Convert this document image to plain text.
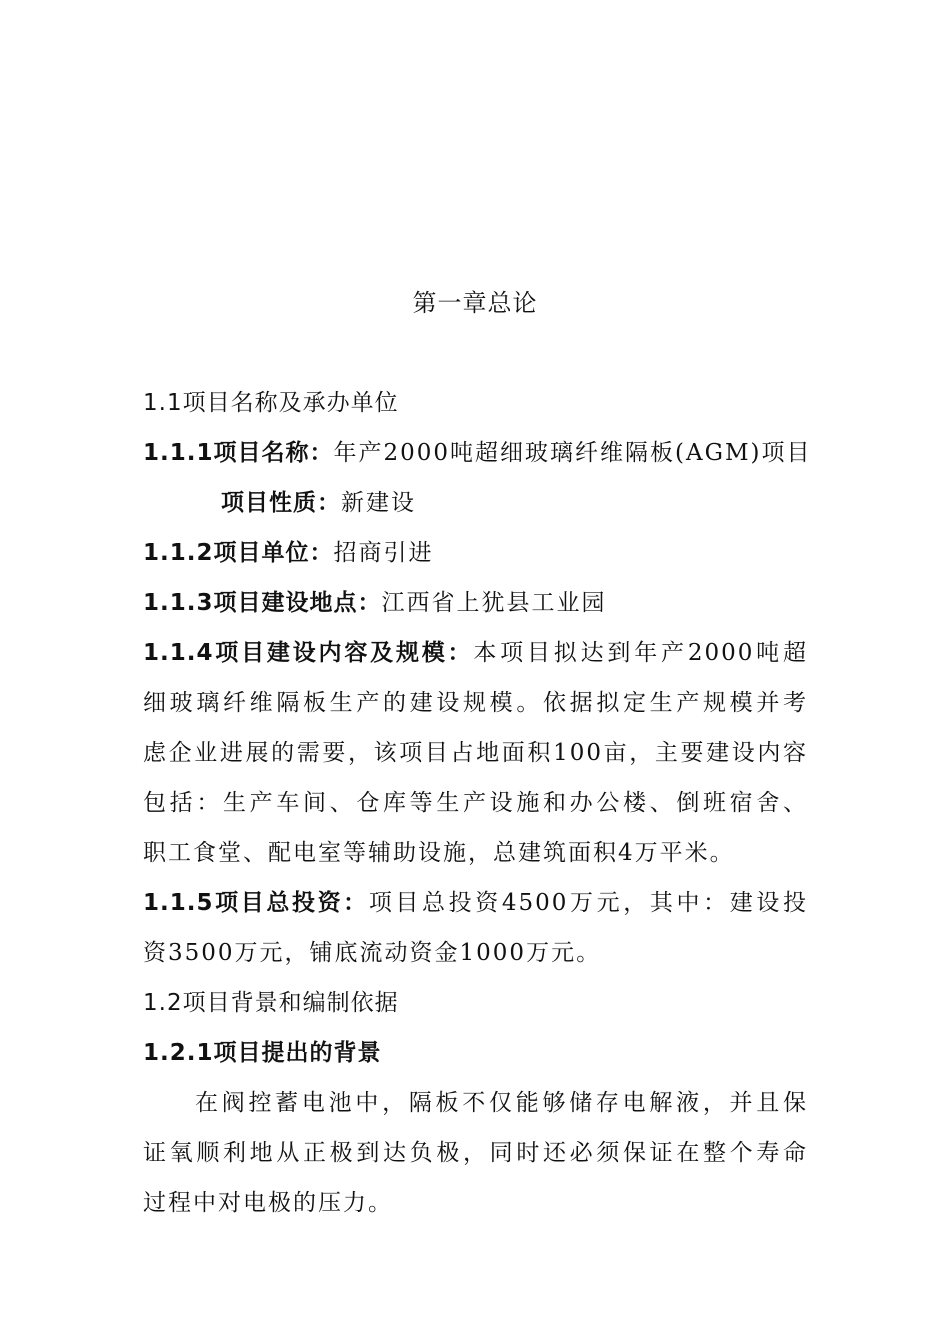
第一章总论
1.1项目名称及承办单位
1.1.1项目名称：年产2000吨超细玻璃纤维隔板(AGM)项目
项目性质：新建设
1.1.2项目单位：招商引进
1.1.3项目建设地点：江西省上犹县工业园
1.1.4项目建设内容及规模：本项目拟达到年产2000吨超
细玻璃纤维隔板生产的建设规模。依据拟定生产规模并考
虑企业进展的需要，该项目占地面积100亩，主要建设内容
包括：生产车间、仓库等生产设施和办公楼、倒班宿舍、
职工食堂、配电室等辅助设施，总建筑面积4万平米。
1.1.5项目总投资：项目总投资4500万元，其中：建设投
资3500万元，铺底流动资金1000万元。
1.2项目背景和编制依据
1.2.1项目提出的背景
在阀控蓄电池中，隔板不仅能够储存电解液，并且保
证氧顺利地从正极到达负极，同时还必须保证在整个寿命
过程中对电极的压力。
